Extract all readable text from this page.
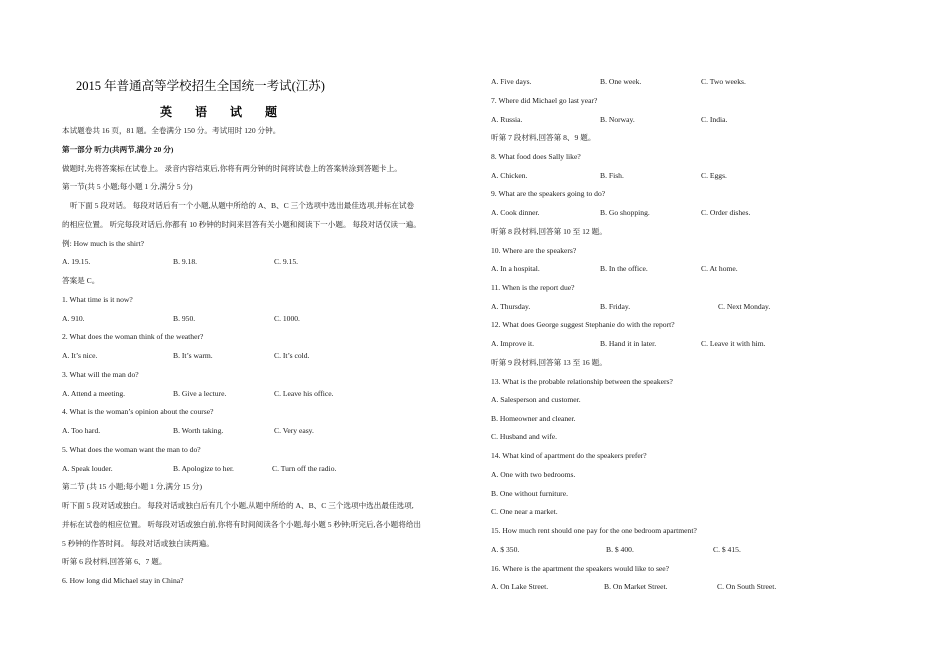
2015 年普通高等学校招生全国统一考试(江苏)
英 语 试 题
本试题卷共 16 页，81 题。全卷满分 150 分。考试用时 120 分钟。
第一部分 听力(共两节,满分 20 分)
做题时,先将答案标在试卷上。 录音内容结束后,你将有两分钟的时间将试卷上的答案转涂到答题卡上。
第一节(共 5 小题;每小题 1 分,满分 5 分)
听下面 5 段对话。 每段对话后有一个小题,从题中所给的 A、B、C 三个选项中选出最佳选项,并标在试卷
的相应位置。 听完每段对话后,你都有 10 秒钟的时间来回答有关小题和阅读下一小题。 每段对话仅读一遍。
例: How much is the shirt?
A. 19.15.	B. 9.18.	C. 9.15.
答案是 C。
1. What time is it now?
A. 910.	B. 950.	C. 1000.
2. What does the woman think of the weather?
A. It’s nice.	B. It’s warm.	C. It’s cold.
3. What will the man do?
A. Attend a meeting.	B. Give a lecture.	C. Leave his office.
4. What is the woman’s opinion about the course?
A. Too hard.	B. Worth taking.	C. Very easy.
5. What does the woman want the man to do?
A. Speak louder.	B. Apologize to her.	C. Turn off the radio.
第二节 (共 15 小题;每小题 1 分,满分 15 分)
听下面 5 段对话或独白。 每段对话或独白后有几个小题,从题中所给的 A、B、C 三个选项中选出最佳选项,
并标在试卷的相应位置。 听每段对话或独白前,你将有时间阅读各个小题,每小题 5 秒钟;听完后,各小题将给出
5 秒钟的作答时间。 每段对话或独白读两遍。
听第 6 段材料,回答第 6、7 题。
6. How long did Michael stay in China?
A. Five days.	B. One week.	C. Two weeks.
7. Where did Michael go last year?
A. Russia.	B. Norway.	C. India.
听第 7 段材料,回答第 8、9 题。
8. What food does Sally like?
A. Chicken.	B. Fish.	C. Eggs.
9. What are the speakers going to do?
A. Cook dinner.	B. Go shopping.	C. Order dishes.
听第 8 段材料,回答第 10 至 12 题。
10. Where are the speakers?
A. In a hospital.	B. In the office.	C. At home.
11. When is the report due?
A. Thursday.	B. Friday.	C. Next Monday.
12. What does George suggest Stephanie do with the report?
A. Improve it.	B. Hand it in later.	C. Leave it with him.
听第 9 段材料,回答第 13 至 16 题。
13. What is the probable relationship between the speakers?
A. Salesperson and customer.
B. Homeowner and cleaner.
C. Husband and wife.
14. What kind of apartment do the speakers prefer?
A. One with two bedrooms.
B. One without furniture.
C. One near a market.
15. How much rent should one pay for the one bedroom apartment?
A. $ 350.	B. $ 400.	C. $ 415.
16. Where is the apartment the speakers would like to see?
A. On Lake Street.	B. On Market Street.	C. On South Street.
